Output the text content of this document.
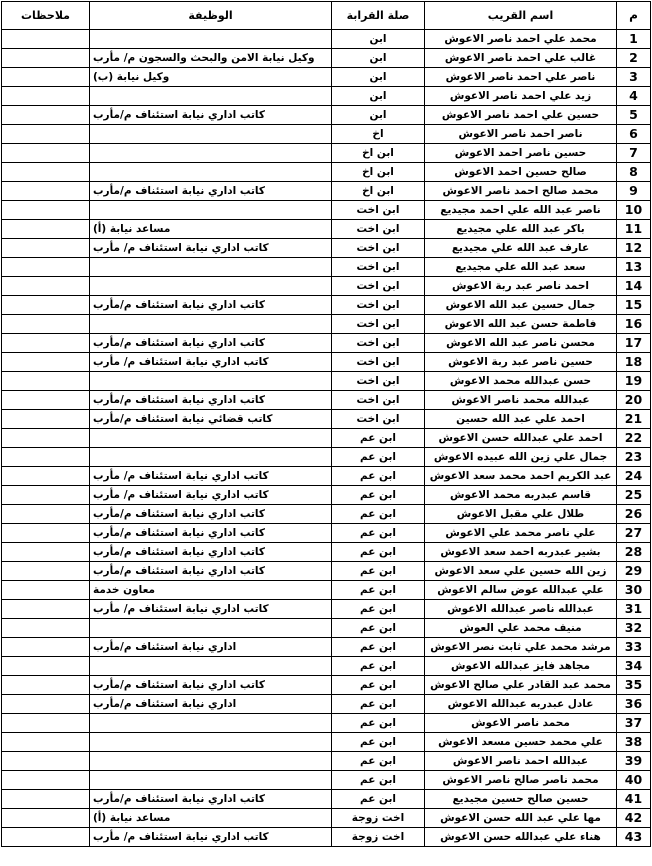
م	اسم القريب	صلة القرابة	الوظيفة	ملاحظات
1	محمد علي احمد ناصر الاعوش	ابن		
2	غالب علي احمد ناصر الاعوش	ابن	وكيل نيابة الامن والبحث والسجون م/ مأرب	
3	ناصر علي احمد ناصر الاعوش	ابن	وكيل نيابة (ب)	
4	زيد علي احمد ناصر الاعوش	ابن		
5	حسين علي احمد ناصر الاعوش	ابن	كاتب اداري نيابة استئناف م/مأرب	
6	ناصر احمد ناصر الاعوش	اخ		
7	حسين ناصر احمد الاعوش	ابن اخ		
8	صالح حسين احمد الاعوش	ابن اخ		
9	محمد صالح احمد ناصر الاعوش	ابن اخ	كاتب اداري نيابة استئناف م/مأرب	
10	ناصر عبد الله علي احمد مجيديع	ابن اخت		
11	باكر عبد الله علي مجيديع	ابن اخت	مساعد نيابة (أ)	
12	عارف عبد الله علي مجيديع	ابن اخت	كاتب اداري نيابة استئناف م/ مأرب	
13	سعد عبد الله علي مجيديع	ابن اخت		
14	احمد ناصر عبد ربة الاعوش	ابن اخت		
15	جمال حسين عبد الله الاعوش	ابن اخت	كاتب اداري نيابة استئناف م/مأرب	
16	فاطمة حسن عبد الله الاعوش	ابن اخت		
17	محسن ناصر عبد الله الاعوش	ابن اخت	كاتب اداري نيابة استئناف م/مأرب	
18	حسين ناصر عبد ربة الاعوش	ابن اخت	كاتب اداري نيابة استئناف م/ مأرب	
19	حسن عبدالله محمد الاعوش	ابن اخت		
20	عبدالله محمد ناصر الاعوش	ابن اخت	كاتب اداري نيابة استئناف م/مأرب	
21	احمد علي عبد الله حسين	ابن اخت	كاتب قضائي نيابة استئناف م/مأرب	
22	احمد علي عبدالله حسن الاعوش	ابن عم		
23	جمال علي زين الله عبيده الاعوش	ابن عم		
24	عبد الكريم احمد محمد سعد الاعوش	ابن عم	كاتب اداري نيابة استئناف م/ مأرب	
25	قاسم عبدربه محمد الاعوش	ابن عم	كاتب اداري نيابة استئناف م/ مأرب	
26	طلال علي مقبل الاعوش	ابن عم	كاتب اداري نيابة استئناف م/مأرب	
27	علي ناصر محمد علي الاعوش	ابن عم	كاتب اداري نيابة استئناف م/مأرب	
28	بشير عبدربه احمد سعد الاعوش	ابن عم	كاتب اداري نيابة استئناف م/مأرب	
29	زين الله حسين علي سعد الاعوش	ابن عم	كاتب اداري نيابة استئناف م/مأرب	
30	علي عبدالله عوض سالم الاعوش	ابن عم	معاون خدمة	
31	عبدالله ناصر عبدالله الاعوش	ابن عم	كاتب اداري نيابة استئناف م/ مأرب	
32	منيف محمد علي العوش	ابن عم		
33	مرشد محمد علي ثابت نصر الاعوش	ابن عم	اداري نيابة استئناف م/مأرب	
34	مجاهد فايز عبدالله الاعوش	ابن عم		
35	محمد عبد القادر علي صالح الاعوش	ابن عم	كاتب اداري نيابة استئناف م/مأرب	
36	عادل عبدربه عبدالله الاعوش	ابن عم	اداري نيابة استئناف م/مأرب	
37	محمد ناصر الاعوش	ابن عم		
38	علي محمد حسين مسعد الاعوش	ابن عم		
39	عبدالله احمد ناصر الاعوش	ابن عم		
40	محمد ناصر صالح ناصر الاعوش	ابن عم		
41	حسين صالح حسين مجيديع	ابن عم	كاتب اداري نيابة استئناف م/مأرب	
42	مها علي عبد الله حسن الاعوش	اخت زوجة	مساعد نيابة (أ)	
43	هناء علي عبدالله حسن الاعوش	اخت زوجة	كاتب اداري نيابة استئناف م/ مأرب	
